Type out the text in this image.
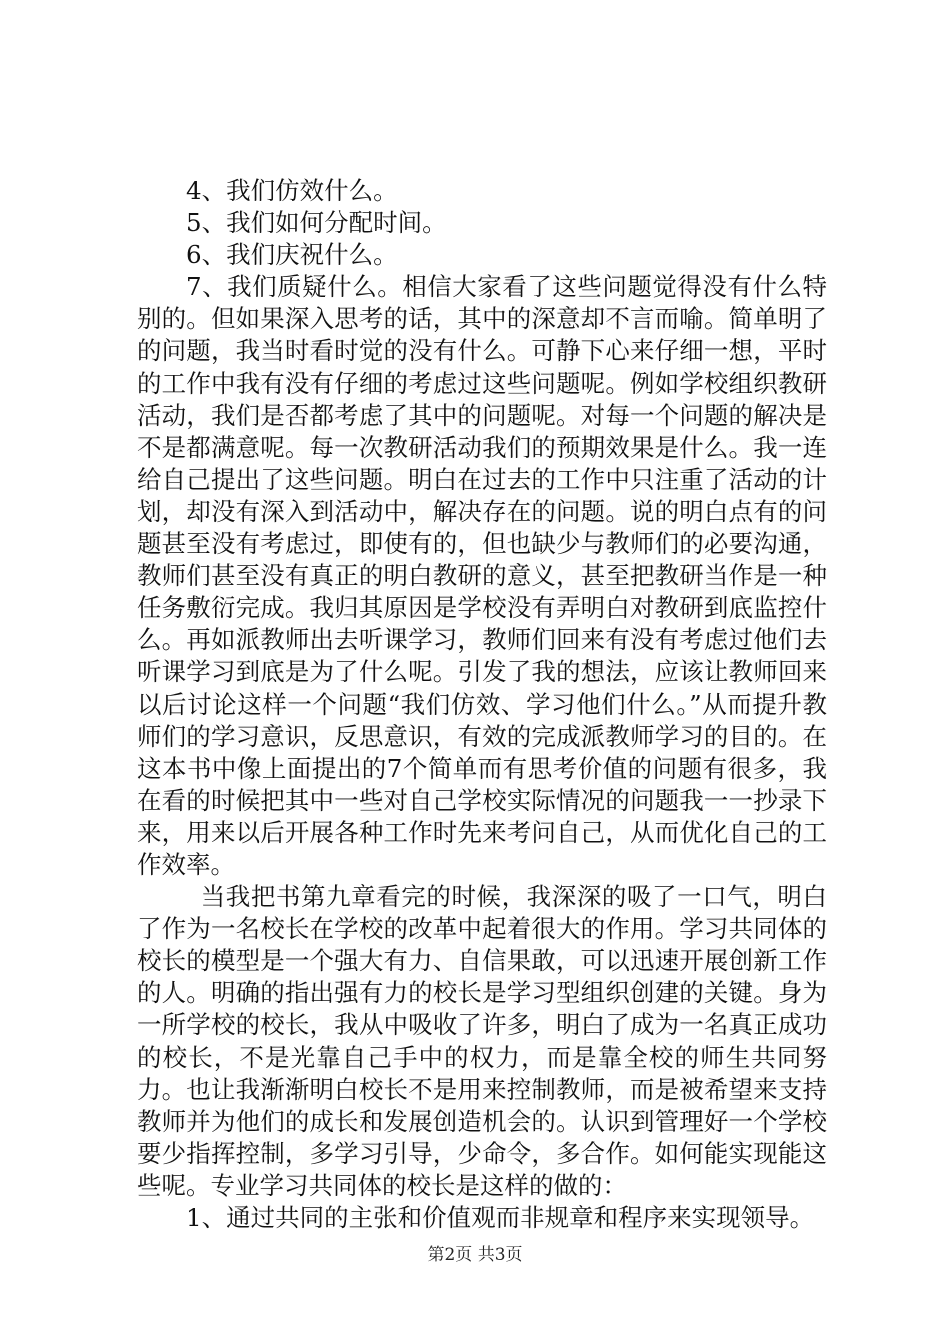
4、我们仿效什么。

5、我们如何分配时间。

6、我们庆祝什么。

7、我们质疑什么。相信大家看了这些问题觉得没有什么特别的。但如果深入思考的话，其中的深意却不言而喻。简单明了的问题，我当时看时觉的没有什么。可静下心来仔细一想，平时的工作中我有没有仔细的考虑过这些问题呢。例如学校组织教研活动，我们是否都考虑了其中的问题呢。对每一个问题的解决是不是都满意呢。每一次教研活动我们的预期效果是什么。我一连给自己提出了这些问题。明白在过去的工作中只注重了活动的计划，却没有深入到活动中，解决存在的问题。说的明白点有的问题甚至没有考虑过，即使有的，但也缺少与教师们的必要沟通，教师们甚至没有真正的明白教研的意义，甚至把教研当作是一种任务敷衍完成。我归其原因是学校没有弄明白对教研到底监控什么。再如派教师出去听课学习，教师们回来有没有考虑过他们去听课学习到底是为了什么呢。引发了我的想法，应该让教师回来以后讨论这样一个问题“我们仿效、学习他们什么。”从而提升教师们的学习意识，反思意识，有效的完成派教师学习的目的。在这本书中像上面提出的7个简单而有思考价值的问题有很多，我在看的时候把其中一些对自己学校实际情况的问题我一一抄录下来，用来以后开展各种工作时先来考问自己，从而优化自己的工作效率。

当我把书第九章看完的时候，我深深的吸了一口气，明白了作为一名校长在学校的改革中起着很大的作用。学习共同体的校长的模型是一个强大有力、自信果敢，可以迅速开展创新工作的人。明确的指出强有力的校长是学习型组织创建的关键。身为一所学校的校长，我从中吸收了许多，明白了成为一名真正成功的校长，不是光靠自己手中的权力，而是靠全校的师生共同努力。也让我渐渐明白校长不是用来控制教师，而是被希望来支持教师并为他们的成长和发展创造机会的。认识到管理好一个学校要少指挥控制，多学习引导，少命令，多合作。如何能实现能这些呢。专业学习共同体的校长是这样的做的：

1、通过共同的主张和价值观而非规章和程序来实现领导。

第2页 共3页
